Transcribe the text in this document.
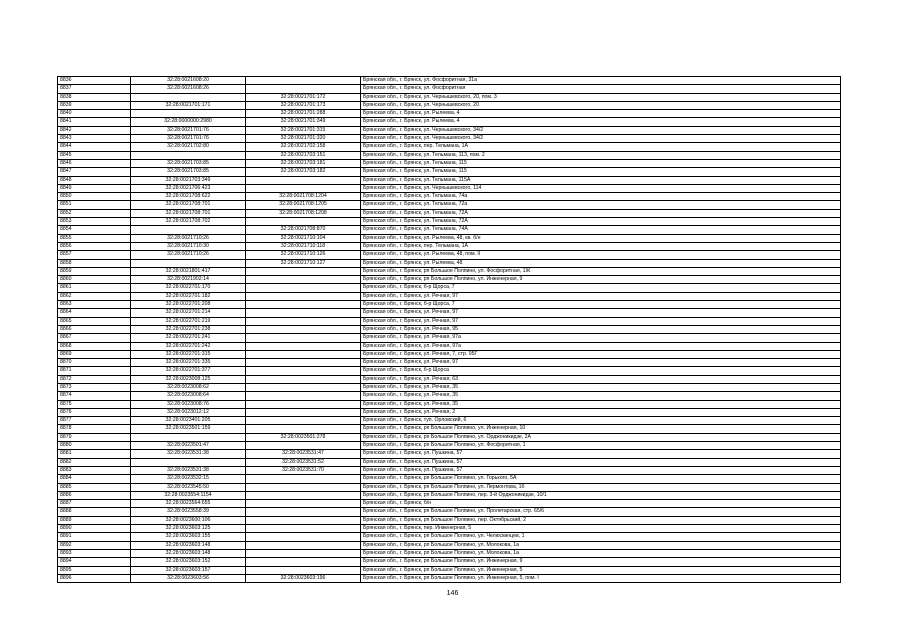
8836	32:28:0021608:20		Брянская обл., г. Брянск, ул. Фосфоритная, 31а
8837	32:28:0021608:26		Брянская обл., г. Брянск, ул. Фосфоритная
8838		32:28:0021701:172	Брянская обл., г. Брянск, ул. Чернышевского, 20, пом. 3
8839	32:28:0021701:171	32:28:0021701:173	Брянская обл., г. Брянск, ул. Чернышевского, 20
8840		32:28:0021701:288	Брянская обл., г. Брянск, ул. Рылеева, 4
8841	32:28:0000000:2980	32:28:0021701:349	Брянская обл., г. Брянск, ул. Рылеева, 4
8842	32:28:0021701:76	32:28:0021701:315	Брянская обл., г. Брянск, ул. Чернышевского, 34/2
8843	32:28:0021701:76	32:28:0021701:320	Брянская обл., г. Брянск, ул. Чернышевского, 34/2
8844	32:28:0021702:80	32:28:0021702:158	Брянская обл., г. Брянск, пер. Тельмана, 1А
8845		32:28:0021703:151	Брянская обл., г. Брянск, ул. Тельмана, 113, пом. 2
8846	32:28:0021703:85	32:28:0021703:181	Брянская обл., г. Брянск, ул. Тельмана, 115
8847	32:28:0021703:85	32:28:0021703:182	Брянская обл., г. Брянск, ул. Тельмана, 115
8848	32:28:0021703:349		Брянская обл., г. Брянск, ул. Тельмана, 115А
8849	32:28:0021706:423		Брянская обл., г. Брянск, ул. Чернышевского, 114
8850	32:28:0021708:622	32:28:0021708:1204	Брянская обл., г. Брянск, ул. Тельмана, 74а
8851	32:28:0021708:701	32:28:0021708:1205	Брянская обл., г. Брянск, ул. Тельмана, 72а
8852	32:28:0021708:701	32:28:0021708:1208	Брянская обл., г. Брянск, ул. Тельмана, 72А
8853	32:28:0021708:702		Брянская обл., г. Брянск, ул. Тельмана, 72А
8854		32:28:0021708:870	Брянская обл., г. Брянск, ул. Тельмана, 74А
8855	32:28:0021710:26	32:28:0021710:104	Брянская обл., г. Брянск, ул. Рылеева, 48, кв. б/н
8856	32:28:0021710:30	32:28:0021710:118	Брянская обл., г. Брянск, пер. Тельмана, 1А
8857	32:28:0021710:26	32:28:0021710:126	Брянская обл., г. Брянск, ул. Рылеева, 48, пом. II
8858		32:28:0021710:127	Брянская обл., г. Брянск, ул. Рылеева, 48
8859	32:28:0021801:417		Брянская обл., г. Брянск, рп Большое Полпино, ул. Фосфоритная, 1Ж
8860	32:28:0021902:14		Брянская обл., г. Брянск, рп Большое Полпино, ул. Инженерная, 9
8861	32:28:0022701:170		Брянская обл., г. Брянск, б-р Щорса, 7
8862	32:28:0022701:182		Брянская обл., г. Брянск, ул. Речная, 97
8863	32:28:0022701:208		Брянская обл., г. Брянск, б-р Щорса, 7
8864	32:28:0022701:214		Брянская обл., г. Брянск, ул. Речная, 97
8865	32:28:0022701:219		Брянская обл., г. Брянск, ул. Речная, 97
8866	32:28:0022701:238		Брянская обл., г. Брянск, ул. Речная, 95
8867	32:28:0022701:241		Брянская обл., г. Брянск, ул. Речная, 97а
8868	32:28:0022701:242		Брянская обл., г. Брянск, ул. Речная, 97а
8869	32:28:0022701:315		Брянская обл., г. Брянск, ул. Речная, 7, стр. 95Г
8870	32:28:0022701:335		Брянская обл., г. Брянск, ул. Речная, 97
8871	32:28:0022701:377		Брянская обл., г. Брянск, б-р Щорса
8872	32:28:0023008:125		Брянская обл., г. Брянск, ул. Речная, 63
8873	32:28:0023008:62		Брянская обл., г. Брянск, ул. Речная, 35
8874	32:28:0023008:64		Брянская обл., г. Брянск, ул. Речная, 35
8875	32:28:0023008:76		Брянская обл., г. Брянск, ул. Речная, 35
8876	32:28:0023012:12		Брянская обл., г. Брянск, ул. Речная, 2
8877	32:28:0023401:205		Брянская обл., г. Брянск, туп. Орловский, 6
8878	32:28:0023501:159		Брянская обл., г. Брянск, рп Большое Полпино, ул. Инженерная, 10
8879		32:28:0023501:278	Брянская обл., г. Брянск, рп Большое Полпино, ул. Орджоникидзе, 2А
8880	32:28:0023501:47		Брянская обл., г. Брянск, рп Большое Полпино, ул. Фосфоритная, 1
8881	32:28:0023531:38	32:28:0023531:47	Брянская обл., г. Брянск, ул. Пушкина, 57
8882		32:28:0023531:52	Брянская обл., г. Брянск, ул. Пушкина, 57
8883	32:28:0023531:38	32:28:0023531:70	Брянская обл., г. Брянск, ул. Пушкина, 57
8884	32:28:0023532:15		Брянская обл., г. Брянск, рп Большое Полпино, ул. Горького, 5А
8885	32:28:0023545:50		Брянская обл., г. Брянск, рп Большое Полпино, ул. Лермонтова, 1б
8886	32:28:0023554:1154		Брянская обл., г. Брянск, рп Большое Полпино, пер. 3-й Орджоникидзе, 10/1
8887	32:28:0023564:655		Брянская обл., г. Брянск, б/н
8888	32:28:0023558:39		Брянская обл., г. Брянск, рп Большое Полпино, ул. Пролетарская, стр. 65/6
8889	32:28:0023600:106		Брянская обл., г. Брянск, рп Большое Полпино, пер. Октябрьский, 2
8890	32:28:0023603:125		Брянская обл., г. Брянск, пер. Инженерная, 5
8891	32:28:0023603:155		Брянская обл., г. Брянск, рп Большое Полпино, ул. Челюскинцев, 1
8892	32:28:0023603:148		Брянская обл., г. Брянск, рп Большое Полпино, ул. Молокова, 1а
8893	32:28:0023603:148		Брянская обл., г. Брянск, рп Большое Полпино, ул. Молокова, 1а
8894	32:28:0023603:152		Брянская обл., г. Брянск, рп Большое Полпино, ул. Инженерная, 9
8895	32:28:0023603:157		Брянская обл., г. Брянск, рп Большое Полпино, ул. Инженерная, 5
8896	32:28:0023603:56	32:28:0023603:196	Брянская обл., г. Брянск, рп Большое Полпино, ул. Инженерная, 5, пом. I
146
